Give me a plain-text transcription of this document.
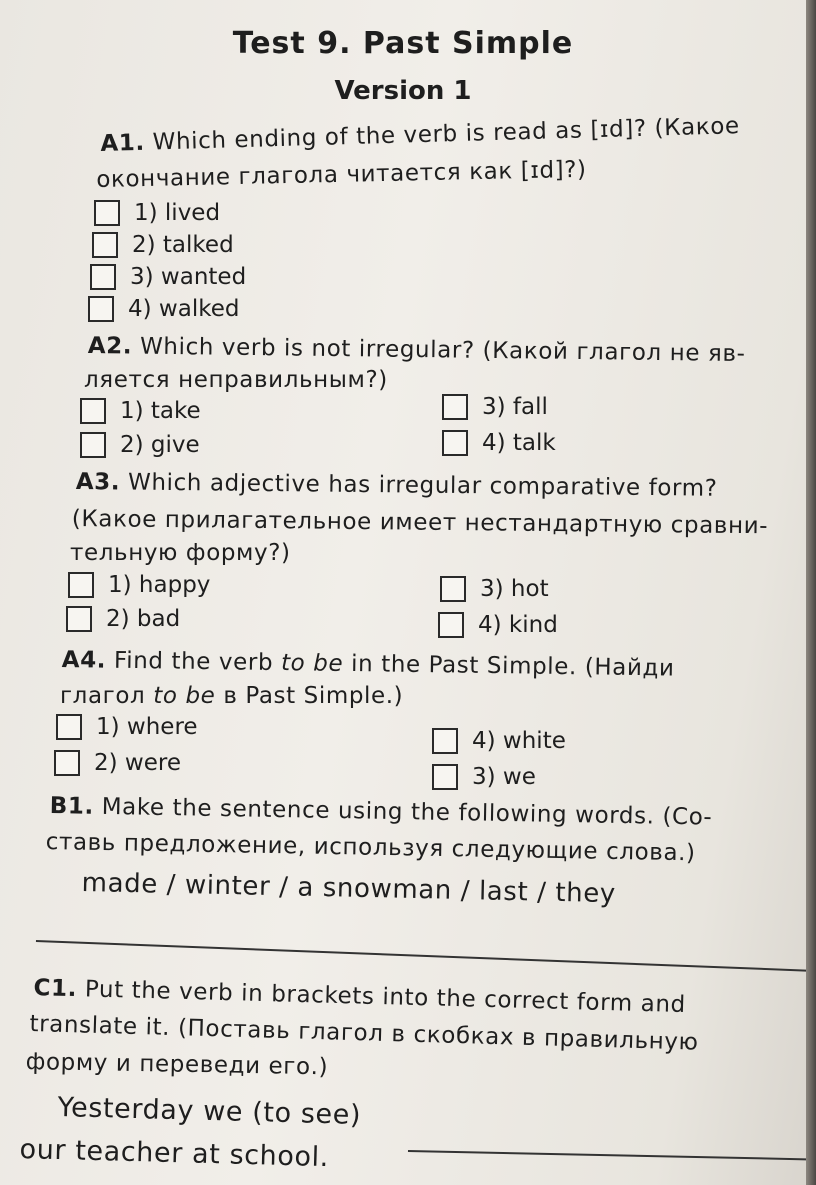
Test 9. Past Simple
Version 1
A1. Which ending of the verb is read as [ɪd]? (Какое
окончание глагола читается как [ɪd]?)
1) lived
2) talked
3) wanted
4) walked
A2. Which verb is not irregular? (Какой глагол не яв-
ляется неправильным?)
1) take
2) give
3) fall
4) talk
A3. Which adjective has irregular comparative form?
(Какое прилагательное имеет нестандартную сравни-
тельную форму?)
1) happy
2) bad
3) hot
4) kind
A4. Find the verb to be in the Past Simple. (Найди
глагол to be в Past Simple.)
1) where
2) were
4) white
3) we
B1. Make the sentence using the following words. (Со-
ставь предложение, используя следующие слова.)
made / winter / a snowman / last / they
C1. Put the verb in brackets into the correct form and
translate it. (Поставь глагол в скобках в правильную
форму и переведи его.)
Yesterday we (to see)
our teacher at school.
